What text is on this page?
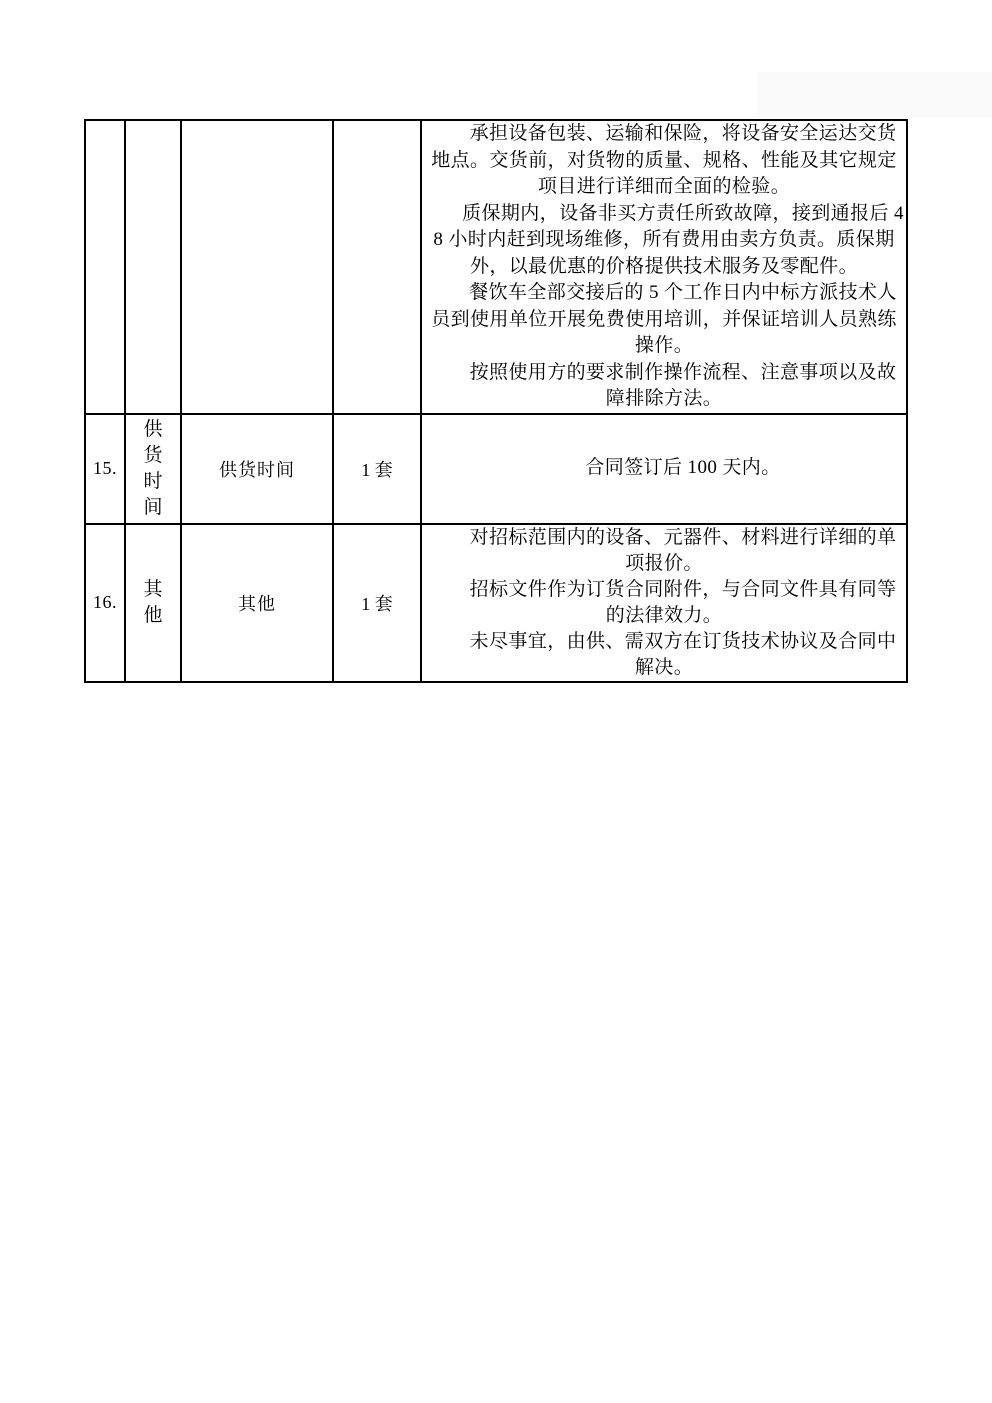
				承担设备包装、运输和保险，将设备安全运达交货地点。交货前，对货物的质量、规格、性能及其它规定项目进行详细而全面的检验。

质保期内，设备非买方责任所致故障，接到通报后 48 小时内赶到现场维修，所有费用由卖方负责。质保期外，以最优惠的价格提供技术服务及零配件。

餐饮车全部交接后的 5 个工作日内中标方派技术人员到使用单位开展免费使用培训，并保证培训人员熟练操作。

按照使用方的要求制作操作流程、注意事项以及故障排除方法。

15.	供货时间	供货时间	1 套	合同签订后 100 天内。

16.	其他	其他	1 套	对招标范围内的设备、元器件、材料进行详细的单项报价。

招标文件作为订货合同附件，与合同文件具有同等的法律效力。

未尽事宜，由供、需双方在订货技术协议及合同中解决。
